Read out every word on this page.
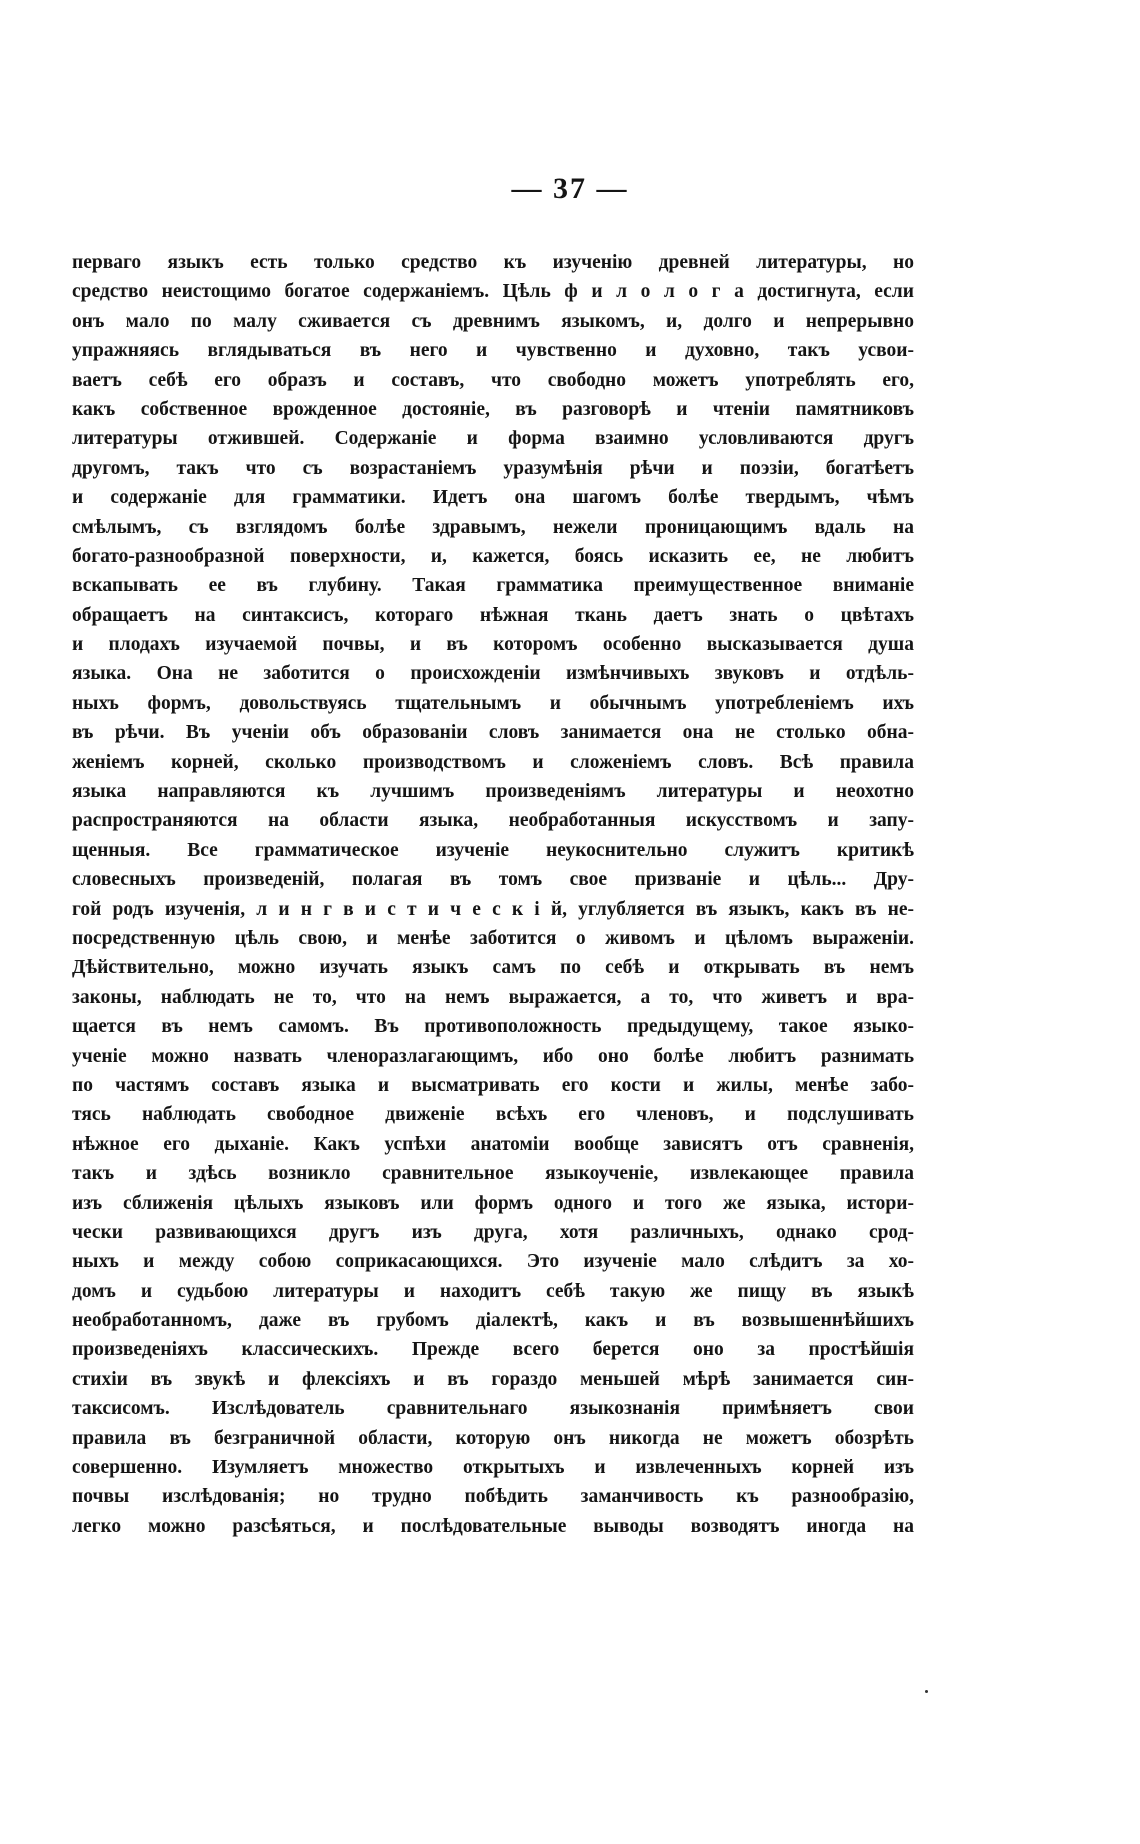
— 37 —
перваго языкъ есть только средство къ изученію древней литературы, но
средство неистощимо богатое содержаніемъ. Цѣль ф и л о л о г а достигнута, если
онъ мало по малу сживается съ древнимъ языкомъ, и, долго и непрерывно
упражняясь вглядываться въ него и чувственно и духовно, такъ усвои-
ваетъ себѣ его образъ и составъ, что свободно можетъ употреблять его,
какъ собственное врожденное достояніе, въ разговорѣ и чтеніи памятниковъ
литературы отжившей. Содержаніе и форма взаимно условливаются другъ
другомъ, такъ что съ возрастаніемъ уразумѣнія рѣчи и поэзіи, богатѣетъ
и содержаніе для грамматики. Идетъ она шагомъ болѣе твердымъ, чѣмъ
смѣлымъ, съ взглядомъ болѣе здравымъ, нежели проницающимъ вдаль на
богато-разнообразной поверхности, и, кажется, боясь исказить ее, не любитъ
вскапывать ее въ глубину. Такая грамматика преимущественное вниманіе
обращаетъ на синтаксисъ, котораго нѣжная ткань даетъ знать о цвѣтахъ
и плодахъ изучаемой почвы, и въ которомъ особенно высказывается душа
языка. Она не заботится о происхожденіи измѣнчивыхъ звуковъ и отдѣль-
ныхъ формъ, довольствуясь тщательнымъ и обычнымъ употребленіемъ ихъ
въ рѣчи. Въ ученіи объ образованіи словъ занимается она не столько обна-
женіемъ корней, сколько производствомъ и сложеніемъ словъ. Всѣ правила
языка направляются къ лучшимъ произведеніямъ литературы и неохотно
распространяются на области языка, необработанныя искусствомъ и запу-
щенныя. Все грамматическое изученіе неукоснительно служитъ критикѣ
словесныхъ произведеній, полагая въ томъ свое призваніе и цѣль... Дру-
гой родъ изученія, л и н г в и с т и ч е с к і й, углубляется въ языкъ, какъ въ не-
посредственную цѣль свою, и менѣе заботится о живомъ и цѣломъ выраженіи.
Дѣйствительно, можно изучать языкъ самъ по себѣ и открывать въ немъ
законы, наблюдать не то, что на немъ выражается, а то, что живетъ и вра-
щается въ немъ самомъ. Въ противоположность предыдущему, такое языко-
ученіе можно назвать членоразлагающимъ, ибо оно болѣе любитъ разнимать
по частямъ составъ языка и высматривать его кости и жилы, менѣе забо-
тясь наблюдать свободное движеніе всѣхъ его членовъ, и подслушивать
нѣжное его дыханіе. Какъ успѣхи анатоміи вообще зависятъ отъ сравненія,
такъ и здѣсь возникло сравнительное языкоученіе, извлекающее правила
изъ сближенія цѣлыхъ языковъ или формъ одного и того же языка, истори-
чески развивающихся другъ изъ друга, хотя различныхъ, однако срод-
ныхъ и между собою соприкасающихся. Это изученіе мало слѣдитъ за хо-
домъ и судьбою литературы и находитъ себѣ такую же пищу въ языкѣ
необработанномъ, даже въ грубомъ діалектѣ, какъ и въ возвышеннѣйшихъ
произведеніяхъ классическихъ. Прежде всего берется оно за простѣйшія
стихіи въ звукѣ и флексіяхъ и въ гораздо меньшей мѣрѣ занимается син-
таксисомъ. Изслѣдователь сравнительнаго языкознанія примѣняетъ свои
правила въ безграничной области, которую онъ никогда не можетъ обозрѣть
совершенно. Изумляетъ множество открытыхъ и извлеченныхъ корней изъ
почвы изслѣдованія; но трудно побѣдить заманчивость къ разнообразію,
легко можно разсѣяться, и послѣдовательные выводы возводятъ иногда на
